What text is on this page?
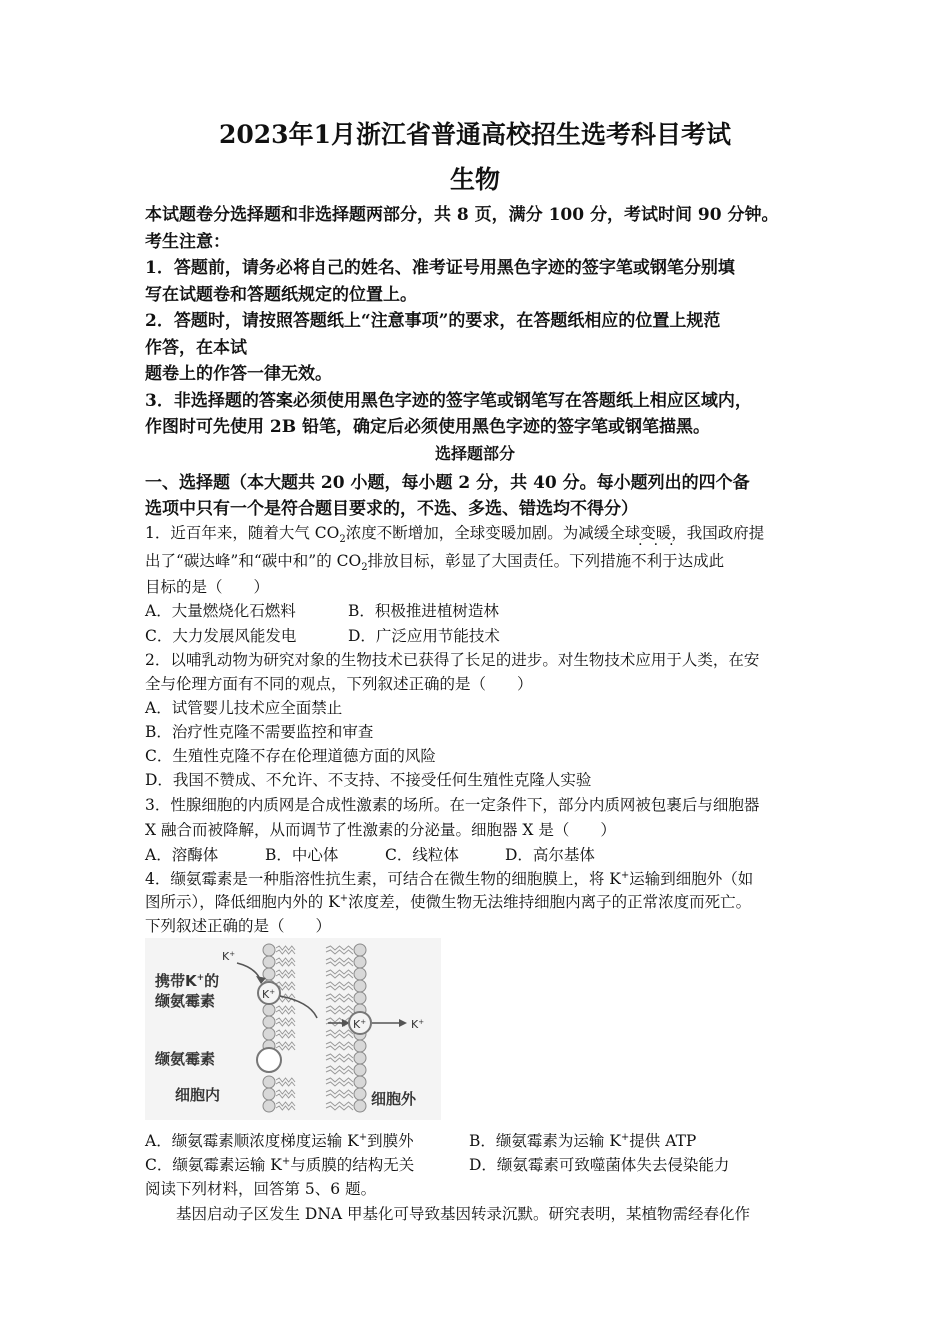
2023年1月浙江省普通高校招生选考科目考试
生物
本试题卷分选择题和非选择题两部分，共 8 页，满分 100 分，考试时间 90 分钟。
考生注意：
1．答题前，请务必将自己的姓名、准考证号用黑色字迹的签字笔或钢笔分别填
写在试题卷和答题纸规定的位置上。
2．答题时，请按照答题纸上“注意事项”的要求，在答题纸相应的位置上规范
作答，在本试
题卷上的作答一律无效。
3．非选择题的答案必须使用黑色字迹的签字笔或钢笔写在答题纸上相应区域内，
作图时可先使用 2B 铅笔，确定后必须使用黑色字迹的签字笔或钢笔描黑。
选择题部分
一、选择题（本大题共 20 小题，每小题 2 分，共 40 分。每小题列出的四个备
选项中只有一个是符合题目要求的，不选、多选、错选均不得分）
1．近百年来，随着大气 $CO_2$浓度不断增加，全球变暖加剧。为减缓全球变暖，我国政府提
出了“碳达峰”和“碳中和”的 $CO_2$排放目标，彰显了大国责任。下列措施不利于达成此
目标的是（　　）
A．大量燃烧化石燃料	B．积极推进植树造林
C．大力发展风能发电	D．广泛应用节能技术
2．以哺乳动物为研究对象的生物技术已获得了长足的进步。对生物技术应用于人类，在安
全与伦理方面有不同的观点，下列叙述正确的是（　　）
A．试管婴儿技术应全面禁止
B．治疗性克隆不需要监控和审查
C．生殖性克隆不存在伦理道德方面的风险
D．我国不赞成、不允许、不支持、不接受任何生殖性克隆人实验
3．性腺细胞的内质网是合成性激素的场所。在一定条件下，部分内质网被包裹后与细胞器
X 融合而被降解，从而调节了性激素的分泌量。细胞器 X 是（　　）
A．溶酶体	B．中心体	C．线粒体	D．高尔基体
4．缬氨霉素是一种脂溶性抗生素，可结合在微生物的细胞膜上，将 K+运输到细胞外（如
图所示），降低细胞内外的 K+浓度差，使微生物无法维持细胞内离子的正常浓度而死亡。
下列叙述正确的是（　　）
K+
K+
K+	K+
携带K+的
缬氨霉素
缬氨霉素
细胞内	细胞外
A．缬氨霉素顺浓度梯度运输 K+到膜外	B．缬氨霉素为运输 K+提供 ATP
C．缬氨霉素运输 K+与质膜的结构无关	D．缬氨霉素可致噬菌体失去侵染能力
阅读下列材料，回答第 5、6 题。
基因启动子区发生 DNA 甲基化可导致基因转录沉默。研究表明，某植物需经春化作
